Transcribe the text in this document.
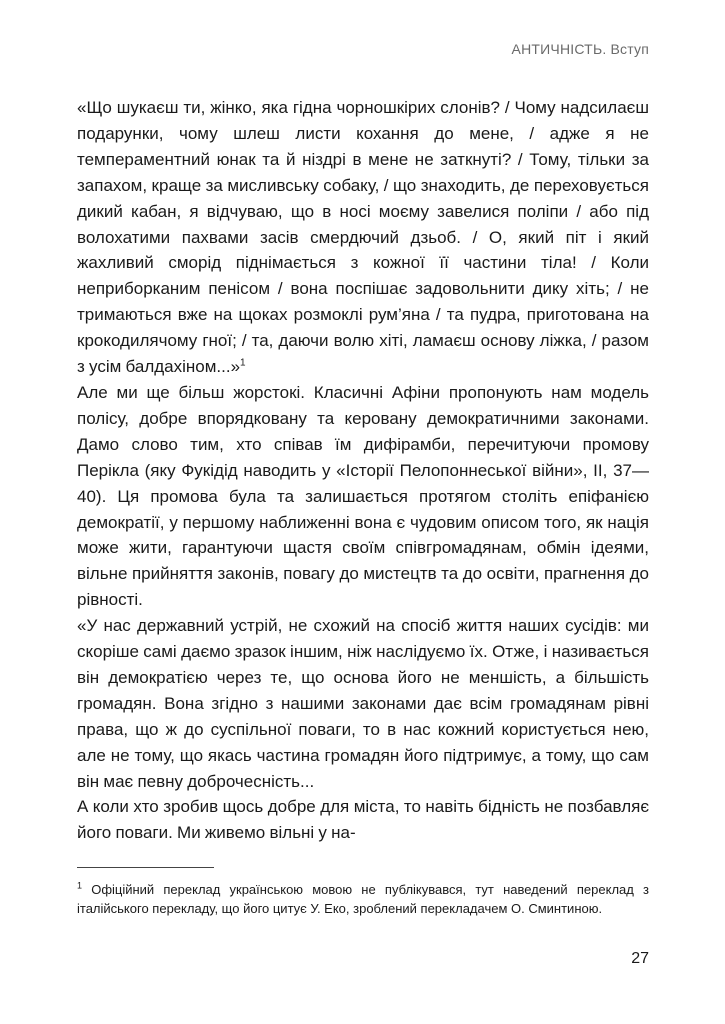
АНТИЧНІСТЬ. Вступ

«Що шукаєш ти, жінко, яка гідна чорношкірих слонів? / Чому надсилаєш подарунки, чому шлеш листи кохання до мене, / адже я не темпераментний юнак та й ніздрі в мене не заткнуті? / Тому, тільки за запахом, краще за мисливську собаку, / що знаходить, де переховується дикий кабан, я відчуваю, що в носі моєму завелися поліпи / або під волохатими пахвами засів смердючий дзьоб. / О, який піт і який жахливий сморід піднімається з кожної її частини тіла! / Коли неприборканим пенісом / вона поспішає задовольнити дику хіть; / не тримаються вже на щоках розмоклі рум’яна / та пудра, приготована на крокодилячому гної; / та, даючи волю хіті, ламаєш основу ліжка, / разом з усім балдахіном...»$^1$

Але ми ще більш жорстокі. Класичні Афіни пропонують нам модель полісу, добре впорядковану та керовану демократичними законами. Дамо слово тим, хто співав їм дифірамби, перечитуючи промову Перікла (яку Фукідід наводить у «Історії Пелопоннеської війни», II, 37—40). Ця промова була та залишається протягом століть епіфанією демократії, у першому наближенні вона є чудовим описом того, як нація може жити, гарантуючи щастя своїм співгромадянам, обмін ідеями, вільне прийняття законів, повагу до мистецтв та до освіти, прагнення до рівності.

«У нас державний устрій, не схожий на спосіб життя наших сусідів: ми скоріше самі даємо зразок іншим, ніж наслідуємо їх. Отже, і називається він демократією через те, що основа його не меншість, а більшість громадян. Вона згідно з нашими законами дає всім громадянам рівні права, що ж до суспільної поваги, то в нас кожний користується нею, але не тому, що якась частина громадян його підтримує, а тому, що сам він має певну доброчесність...

А коли хто зробив щось добре для міста, то навіть бідність не позбавляє його поваги. Ми живемо вільні у на-

$^1$ Офіційний переклад українською мовою не публікувався, тут наведений переклад з італійського перекладу, що його цитує У. Еко, зроблений перекладачем О. Сминтиною.
27
